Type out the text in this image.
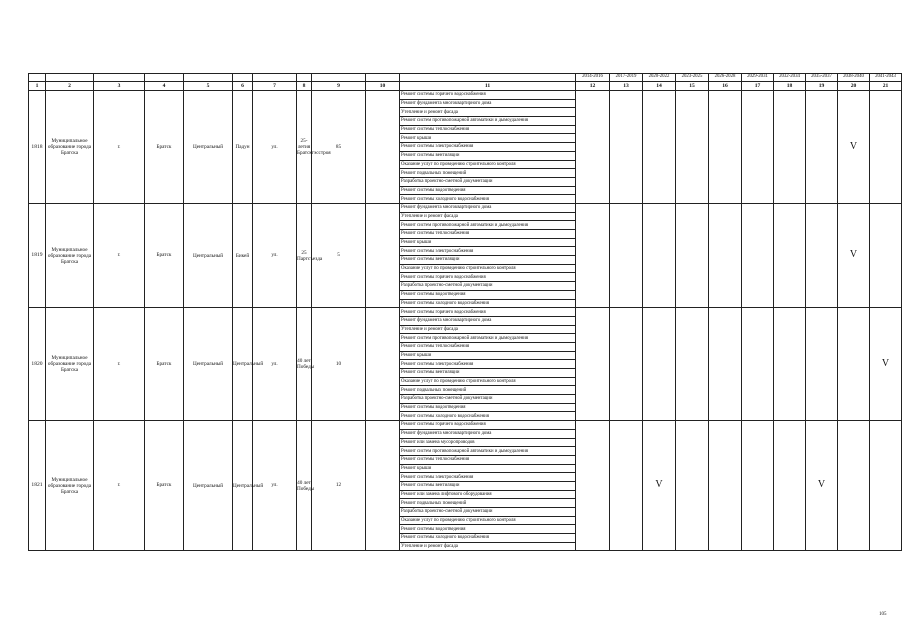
											2014-2016	2017-2019	2020-2022	2023-2025	2026-2028	2029-2031	2032-2034	2035-2037	2038-2040	2041-2043
1	2	3	4	5	6	7	8	9	10	11	12	13	14	15	16	17	18	19	20	21
1818	Муниципальное образование города Братска	г.	Братск	Центральный	Падун	ул.	25-летия Братскгэсстроя	85		Ремонт системы горячего водоснабжения									V	
										Ремонт фундамента многоквартирного дома										
										Утепление и ремонт фасада										
										Ремонт систем противопожарной автоматики и дымоудаления										
										Ремонт системы теплоснабжения										
										Ремонт крыши										
										Ремонт системы электроснабжения										
										Ремонт системы вентиляции										
										Оказание услуг по проведению строительного контроля										
										Ремонт подвальных помещений										
										Разработка проектно-сметной документации										
										Ремонт системы водоотведения										
										Ремонт системы холодного водоснабжения										
1819	Муниципальное образование города Братска	г.	Братск	Центральный	Бикей	ул.	25 Партсъезда	5		Ремонт фундамента многоквартирного дома									V	
										Утепление и ремонт фасада										
										Ремонт систем противопожарной автоматики и дымоудаления										
										Ремонт системы теплоснабжения										
										Ремонт крыши										
										Ремонт системы электроснабжения										
										Ремонт системы вентиляции										
										Оказание услуг по проведению строительного контроля										
										Ремонт системы горячего водоснабжения										
										Разработка проектно-сметной документации										
										Ремонт системы водоотведения										
										Ремонт системы холодного водоснабжения										
1820	Муниципальное образование города Братска	г.	Братск	Центральный	Центральный	ул.	40 лет Победы	10		Ремонт системы горячего водоснабжения										V
										Ремонт фундамента многоквартирного дома										
										Утепление и ремонт фасада										
										Ремонт систем противопожарной автоматики и дымоудаления										
										Ремонт системы теплоснабжения										
										Ремонт крыши										
										Ремонт системы электроснабжения										
										Ремонт системы вентиляции										
										Оказание услуг по проведению строительного контроля										
										Ремонт подвальных помещений										
										Разработка проектно-сметной документации										
										Ремонт системы водоотведения										
										Ремонт системы холодного водоснабжения										
1821	Муниципальное образование города Братска	г.	Братск	Центральный	Центральный	ул.	40 лет Победы	12		Ремонт системы горячего водоснабжения			V					V		
										Ремонт фундамента многоквартирного дома										
										Ремонт или замена мусоропроводов										
										Ремонт систем противопожарной автоматики и дымоудаления										
										Ремонт системы теплоснабжения										
										Ремонт крыши										
										Ремонт системы электроснабжения										
										Ремонт системы вентиляции										
										Ремонт или замена лифтового оборудования										
										Ремонт подвальных помещений										
										Разработка проектно-сметной документации										
										Оказание услуг по проведению строительного контроля										
										Ремонт системы водоотведения										
										Ремонт системы холодного водоснабжения										
										Утепление и ремонт фасада										
105
